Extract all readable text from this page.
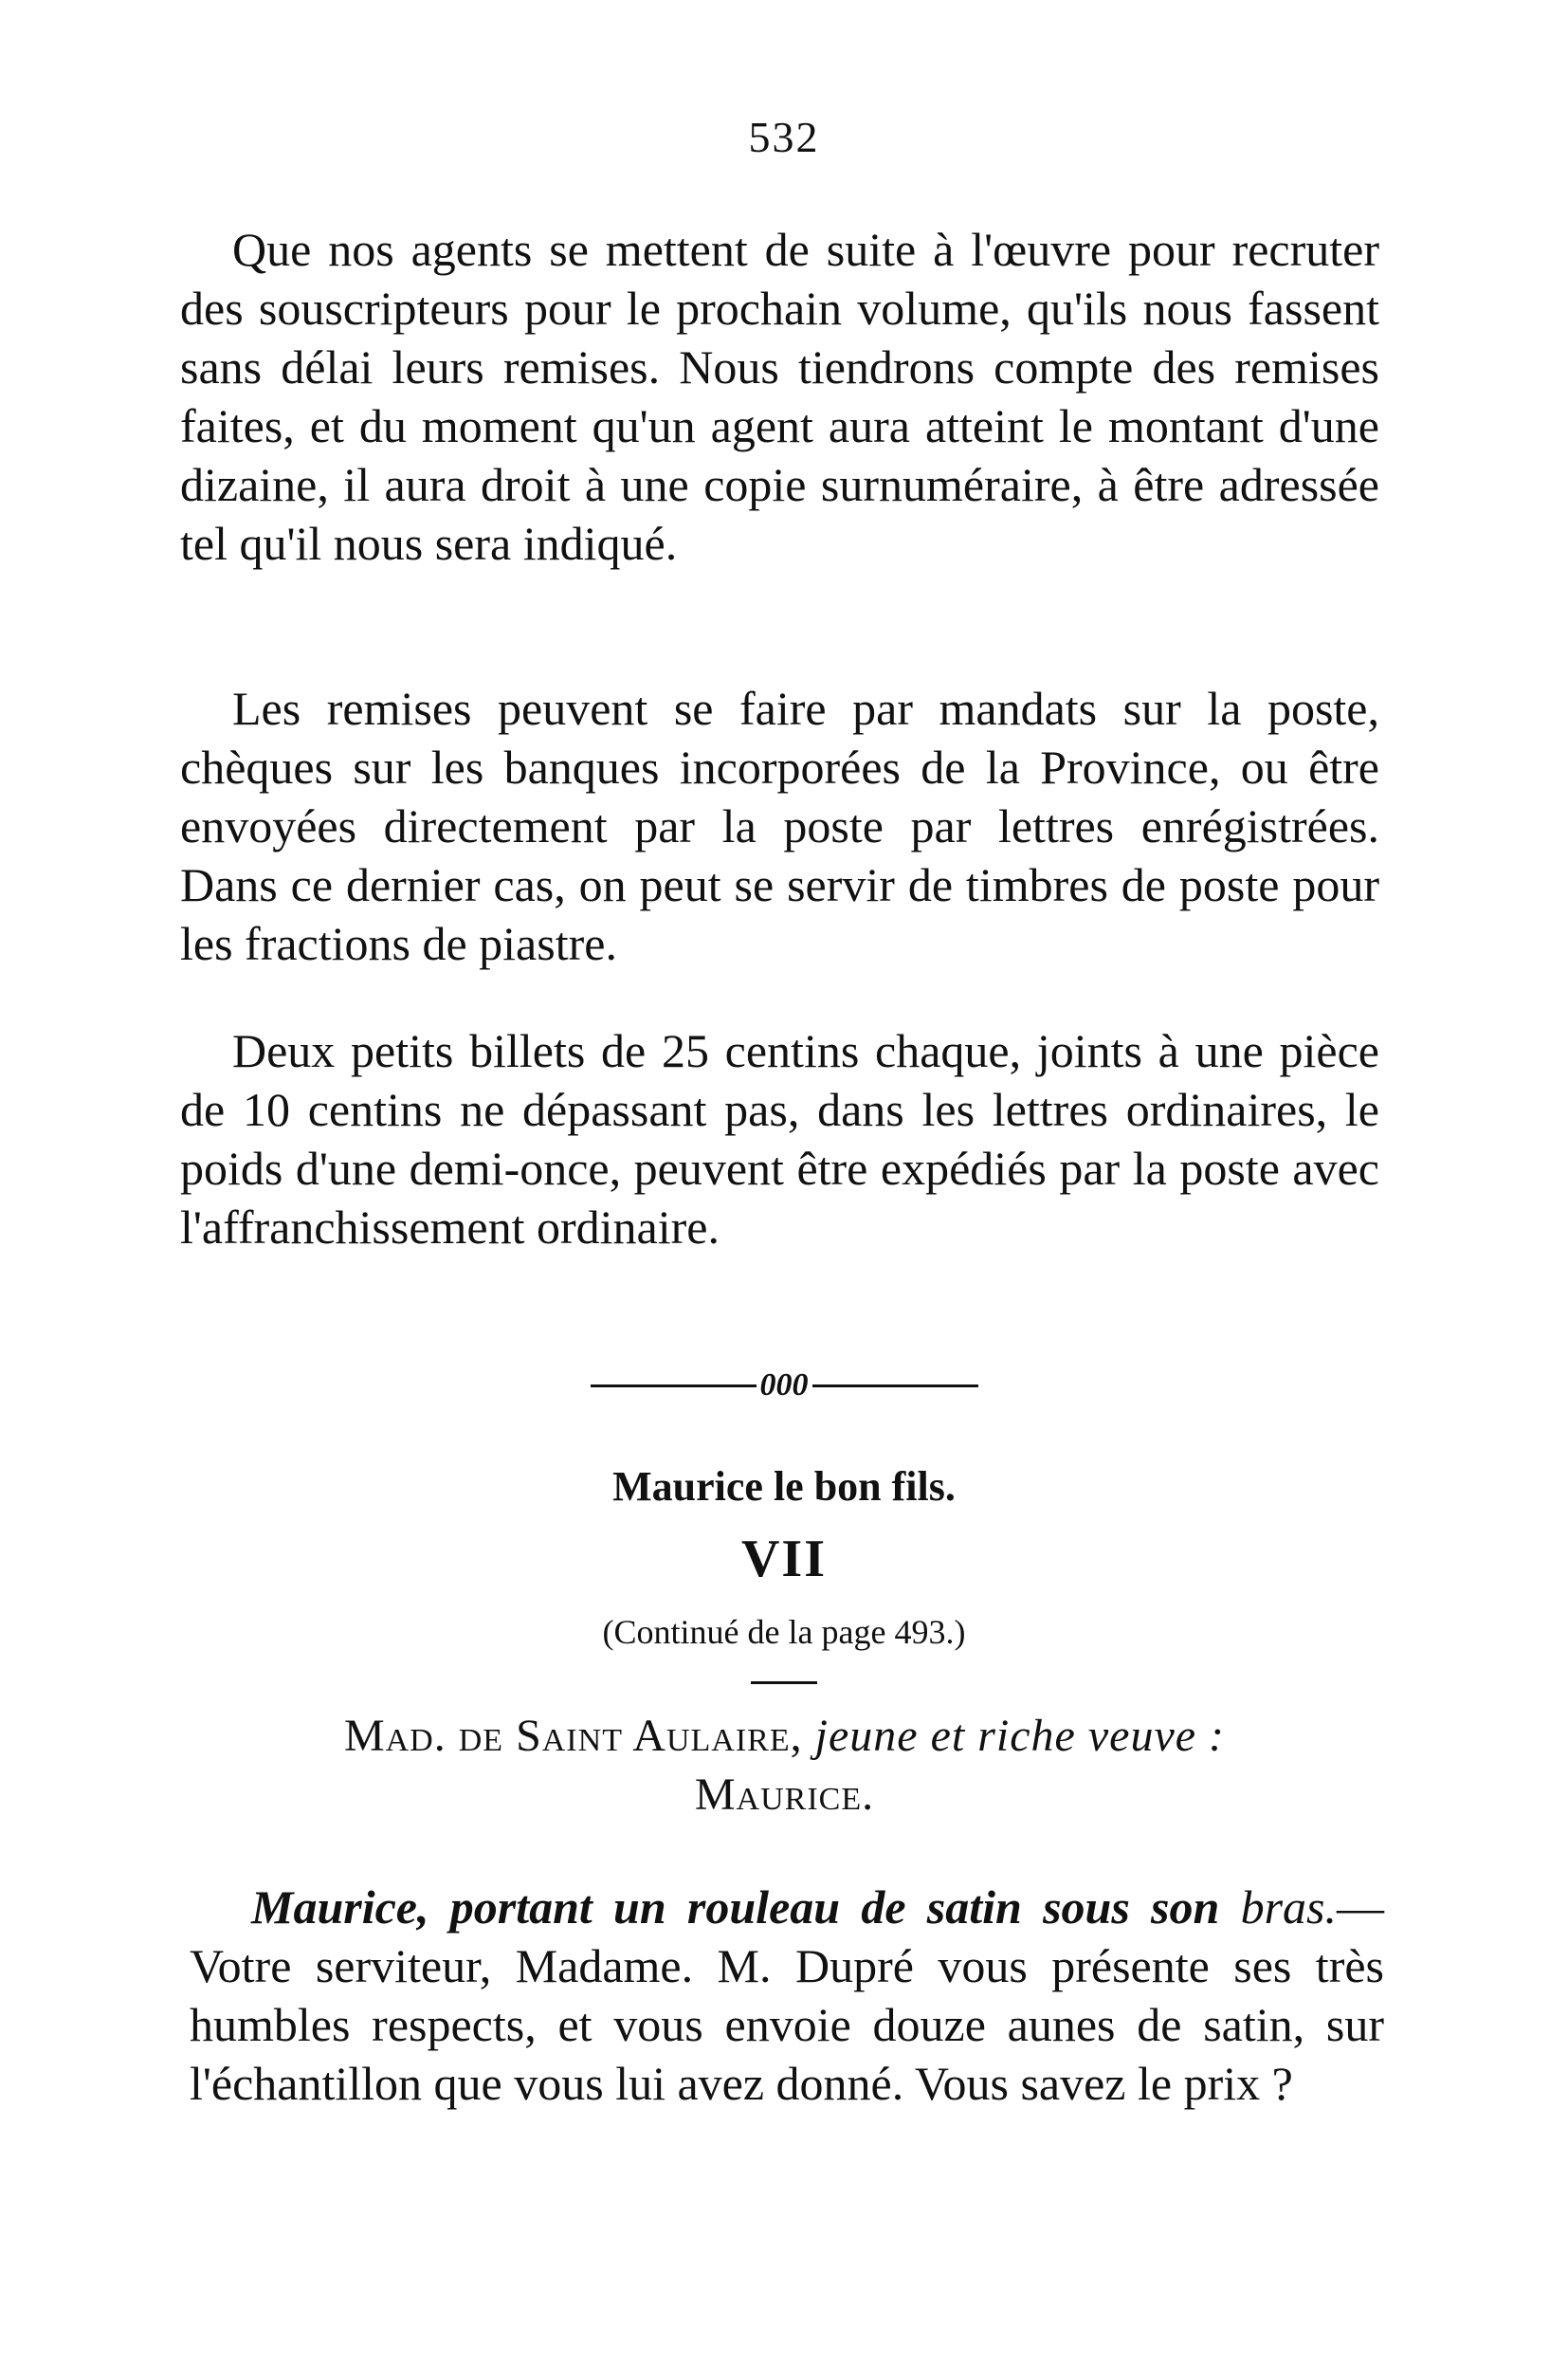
532

Que nos agents se mettent de suite à l'œuvre pour recruter des souscripteurs pour le prochain volume, qu'ils nous fassent sans délai leurs remises. Nous tiendrons compte des remises faites, et du moment qu'un agent aura atteint le montant d'une dizaine, il aura droit à une copie surnuméraire, à être adressée tel qu'il nous sera indiqué.

Les remises peuvent se faire par mandats sur la poste, chèques sur les banques incorporées de la Province, ou être envoyées directement par la poste par lettres enrégistrées. Dans ce dernier cas, on peut se servir de timbres de poste pour les fractions de piastre.

Deux petits billets de 25 centins chaque, joints à une pièce de 10 centins ne dépassant pas, dans les lettres ordinaires, le poids d'une demi-once, peuvent être expédiés par la poste avec l'affranchissement ordinaire.

000
Maurice le bon fils.
VII
(Continué de la page 493.)
Mad. de Saint Aulaire, jeune et riche veuve :
Maurice.

Maurice, portant un rouleau de satin sous son bras.—Votre serviteur, Madame. M. Dupré vous présente ses très humbles respects, et vous envoie douze aunes de satin, sur l'échantillon que vous lui avez donné. Vous savez le prix ?
